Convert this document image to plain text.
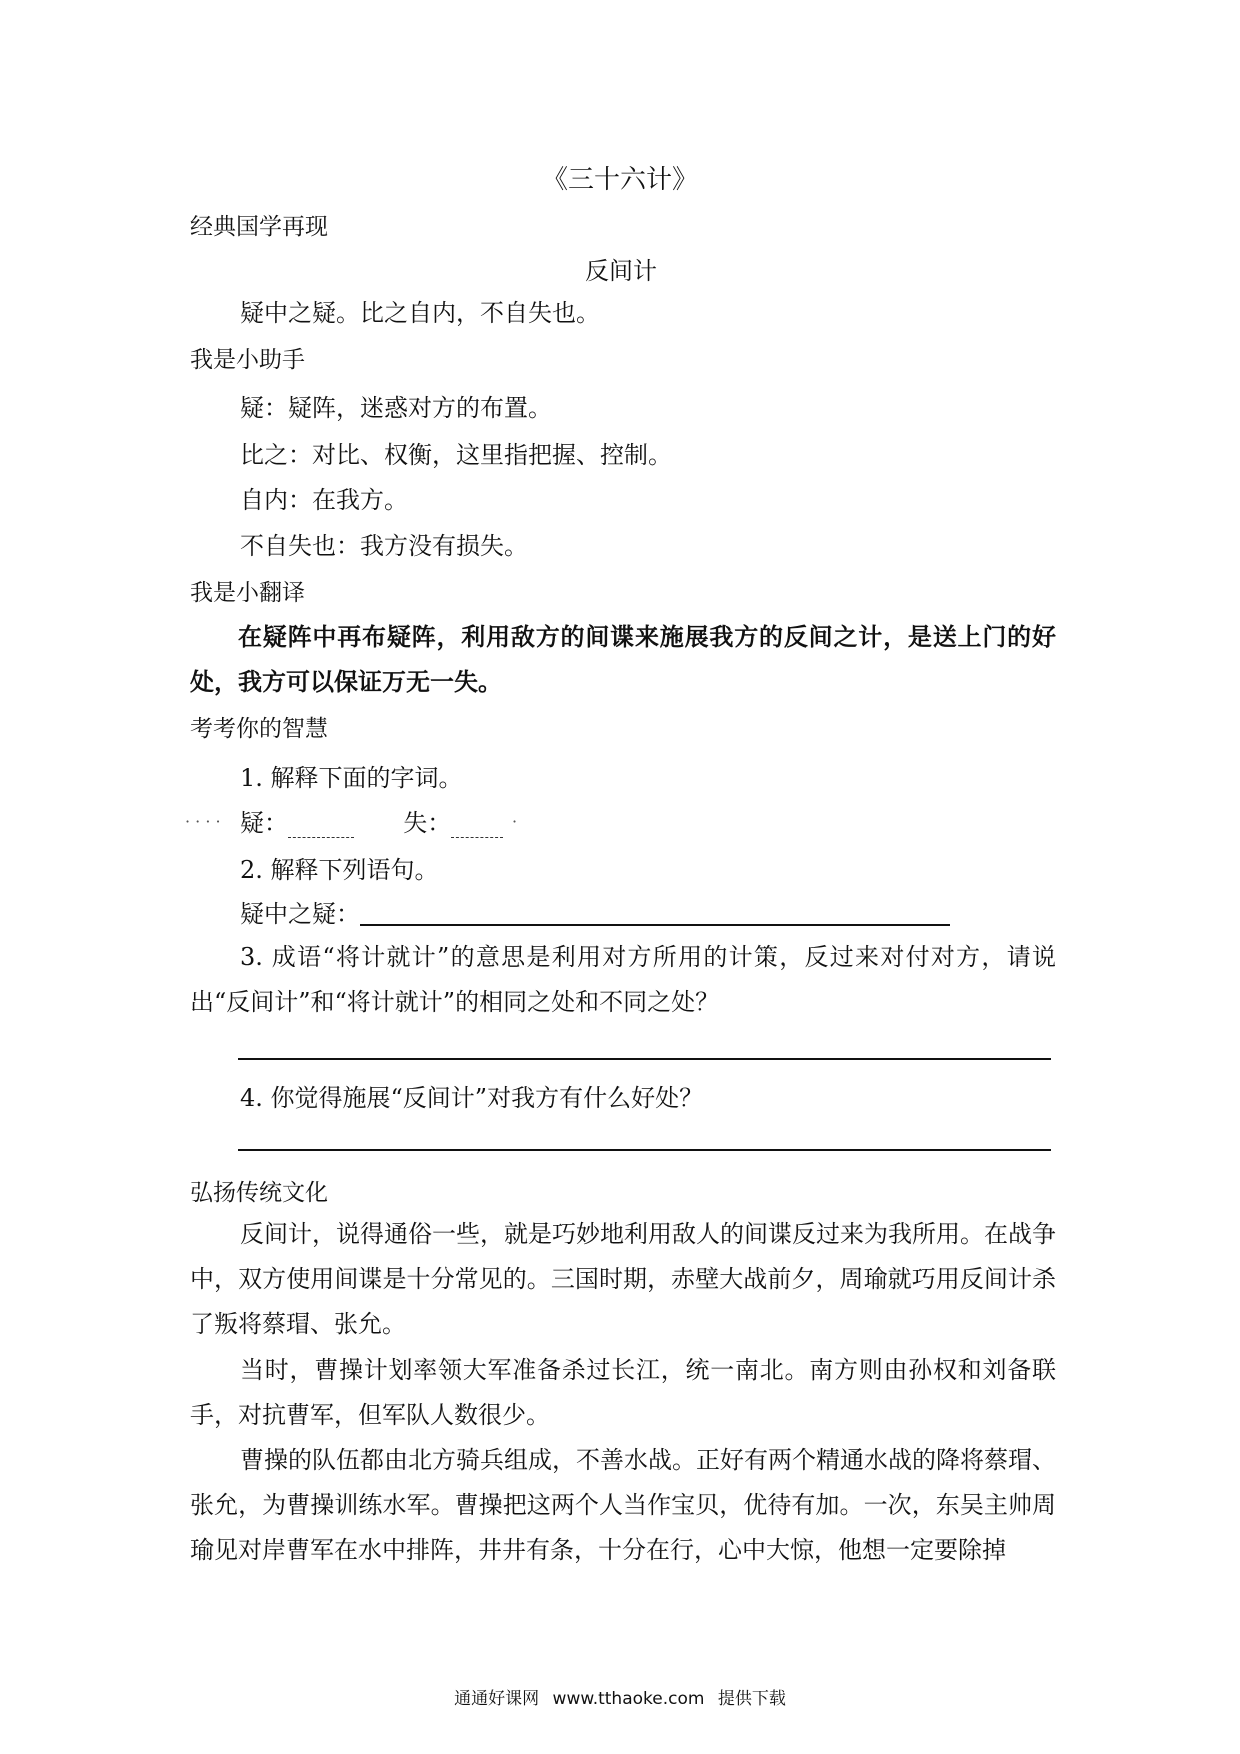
《三十六计》
经典国学再现
反间计
疑中之疑。比之自内，不自失也。
我是小助手
疑：疑阵，迷惑对方的布置。
比之：对比、权衡，这里指把握、控制。
自内：在我方。
不自失也：我方没有损失。
我是小翻译
在疑阵中再布疑阵，利用敌方的间谍来施展我方的反间之计，是送上门的好处，我方可以保证万无一失。
考考你的智慧
1. 解释下面的字词。
· · · · 疑：	失：	·
2. 解释下列语句。
疑中之疑：
3. 成语“将计就计”的意思是利用对方所用的计策，反过来对付对方，请说出“反间计”和“将计就计”的相同之处和不同之处？
4. 你觉得施展“反间计”对我方有什么好处？
弘扬传统文化
反间计，说得通俗一些，就是巧妙地利用敌人的间谍反过来为我所用。在战争中，双方使用间谍是十分常见的。三国时期，赤壁大战前夕，周瑜就巧用反间计杀了叛将蔡瑁、张允。
当时，曹操计划率领大军准备杀过长江，统一南北。南方则由孙权和刘备联手，对抗曹军，但军队人数很少。
曹操的队伍都由北方骑兵组成，不善水战。正好有两个精通水战的降将蔡瑁、张允，为曹操训练水军。曹操把这两个人当作宝贝，优待有加。一次，东吴主帅周瑜见对岸曹军在水中排阵，井井有条，十分在行，心中大惊，他想一定要除掉
通通好课网 www.tthaoke.com 提供下载
